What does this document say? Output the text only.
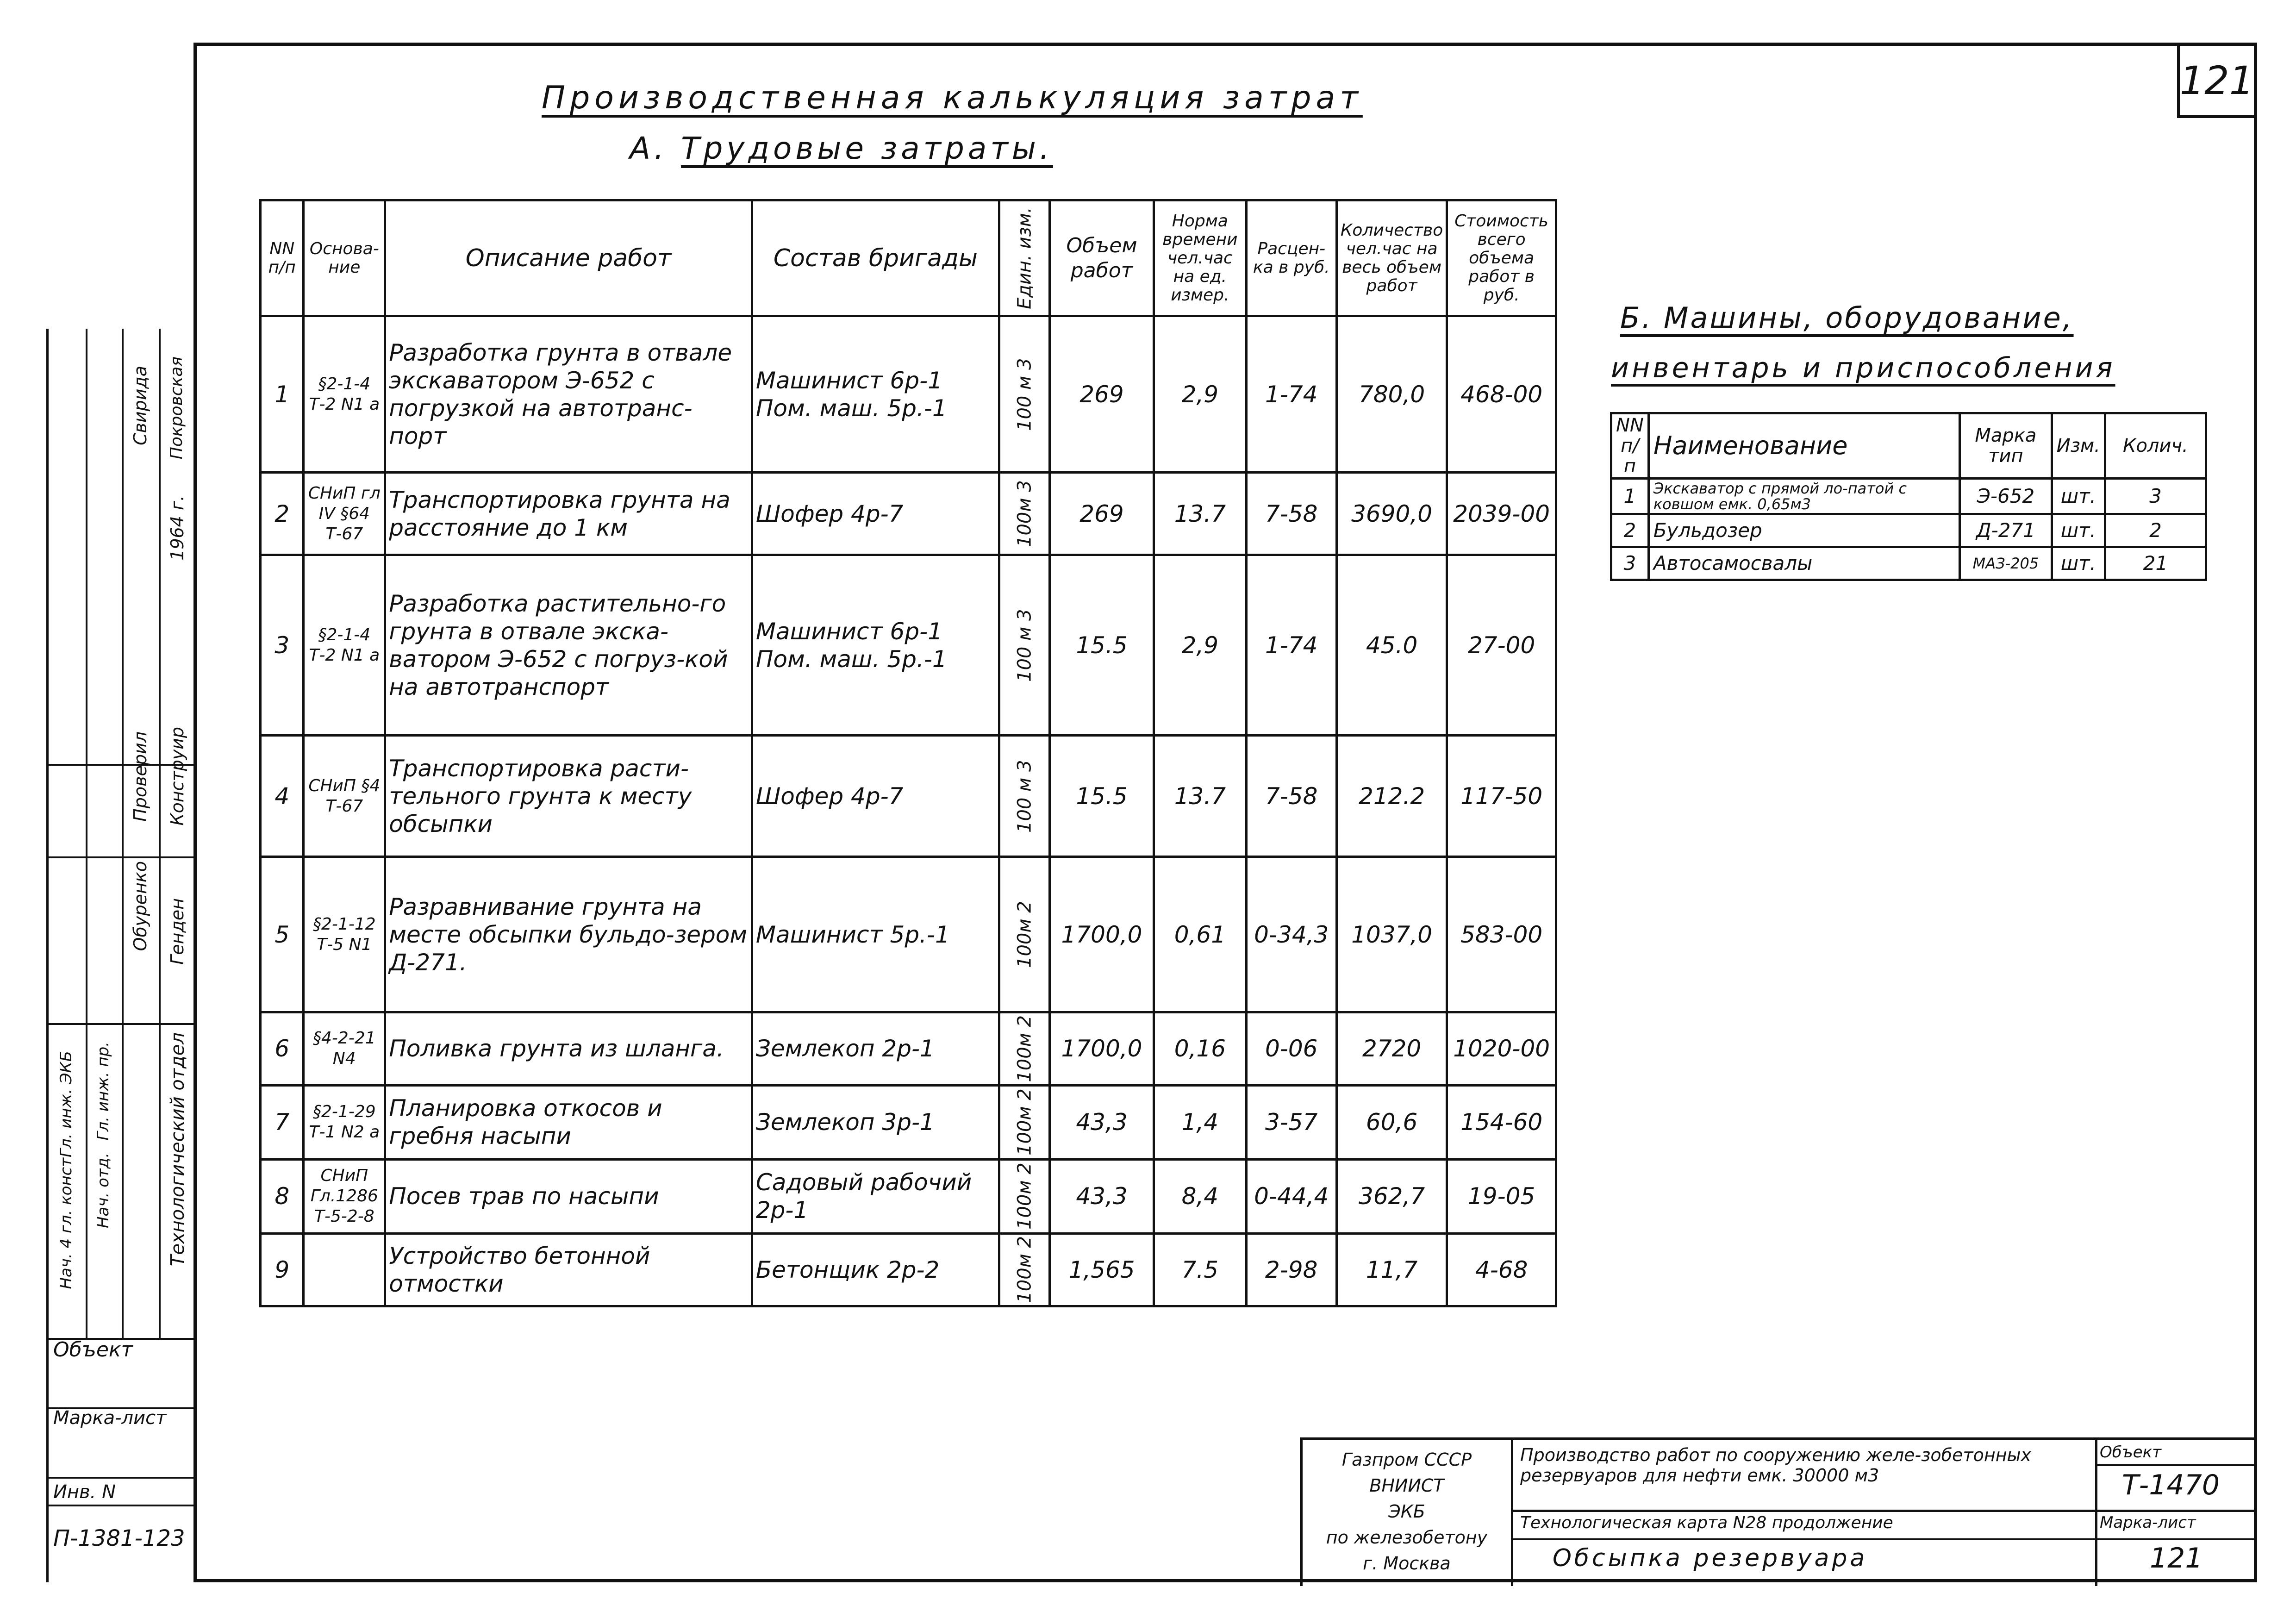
121
Производственная калькуляция затрат
А. Трудовые затраты.
NN п/п	Основа-ние	Описание работ	Состав бригады	Един. изм.	Объем работ	Норма времени чел.час на ед. измер.	Расцен-ка в руб.	Количество чел.час на весь объем работ	Стоимость всего объема работ в руб.
1	§2-1-4 Т-2 N1 а	Разработка грунта в отвале экскаватором Э-652 с погрузкой на автотранс-порт	Машинист 6р-1 Пом. маш. 5р.-1	100 м 3	269	2,9	1-74	780,0	468-00
2	СНиП гл IV §64 Т-67	Транспортировка грунта на расстояние до 1 км	Шофер 4р-7	100м 3	269	13.7	7-58	3690,0	2039-00
3	§2-1-4 Т-2 N1 а	Разработка растительно-го грунта в отвале экска-ватором Э-652 с погруз-кой на автотранспорт	Машинист 6р-1 Пом. маш. 5р.-1	100 м 3	15.5	2,9	1-74	45.0	27-00
4	СНиП §4 Т-67	Транспортировка расти-тельного грунта к месту обсыпки	Шофер 4р-7	100 м 3	15.5	13.7	7-58	212.2	117-50
5	§2-1-12 Т-5 N1	Разравнивание грунта на месте обсыпки бульдо-зером Д-271.	Машинист 5р.-1	100м 2	1700,0	0,61	0-34,3	1037,0	583-00
6	§4-2-21 N4	Поливка грунта из шланга.	Землекоп 2р-1	100м 2	1700,0	0,16	0-06	2720	1020-00
7	§2-1-29 Т-1 N2 а	Планировка откосов и гребня насыпи	Землекоп 3р-1	100м 2	43,3	1,4	3-57	60,6	154-60
8	СНиП Гл.1286 Т-5-2-8	Посев трав по насыпи	Садовый рабочий 2р-1	100м 2	43,3	8,4	0-44,4	362,7	19-05
9		Устройство бетонной отмостки	Бетонщик 2р-2	100м 2	1,565	7.5	2-98	11,7	4-68
Б. Машины, оборудование,
инвентарь и приспособления
NN п/п	Наименование	Марка тип	Изм.	Колич.
1	Экскаватор с прямой ло-патой с ковшом емк. 0,65м3	Э-652	шт.	3
2	Бульдозер	Д-271	шт.	2
3	Автосамосвалы	МАЗ-205	шт.	21
Нач. 4 гл. конст.
Гл. инж. ЭКБ
Нач. отд.
Гл. инж. пр.
Обуренко
Проверил
Свирида
Генден
Конструир
1964 г.
Покровская
Технологический отдел
Объект
Марка-лист
Инв. N
П-1381-123
Газпром СССР
ВНИИСТ
ЭКБ
по железобетону
г. Москва
Производство работ по сооружению желе-зобетонных резервуаров для нефти емк. 30000 м3
Технологическая карта N28 продолжение
Обсыпка резервуара
Объект
Т-1470
Марка-лист
121
